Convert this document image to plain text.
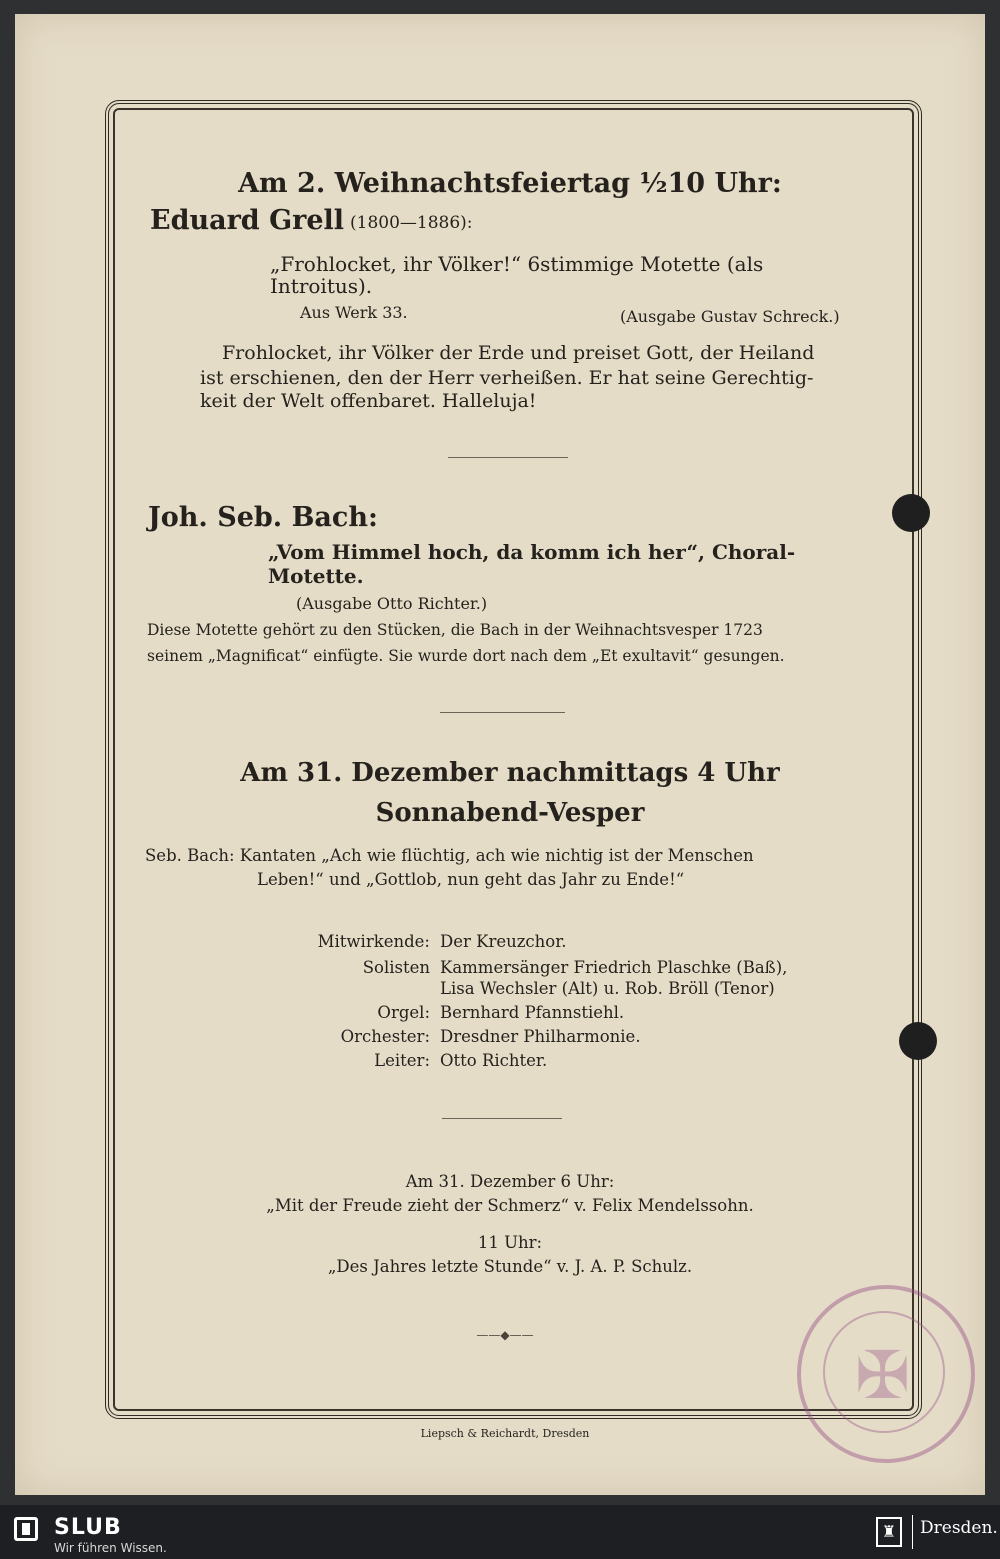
Am 2. Weihnachtsfeiertag ½10 Uhr:
Eduard Grell (1800—1886):
„Frohlocket, ihr Völker!“ 6stimmige Motette (als
Introitus).
Aus Werk 33.	(Ausgabe Gustav Schreck.)
Frohlocket, ihr Völker der Erde und preiset Gott, der Heiland
ist erschienen, den der Herr verheißen. Er hat seine Gerechtig-
keit der Welt offenbaret. Halleluja!
Joh. Seb. Bach:
„Vom Himmel hoch, da komm ich her“, Choral-
Motette.
(Ausgabe Otto Richter.)
Diese Motette gehört zu den Stücken, die Bach in der Weihnachtsvesper 1723
seinem „Magnificat“ einfügte. Sie wurde dort nach dem „Et exultavit“ gesungen.
Am 31. Dezember nachmittags 4 Uhr
Sonnabend-Vesper
Seb. Bach: Kantaten „Ach wie flüchtig, ach wie nichtig ist der Menschen
Leben!“ und „Gottlob, nun geht das Jahr zu Ende!“
Mitwirkende: Der Kreuzchor.
Solisten Kammersänger Friedrich Plaschke (Baß),
Lisa Wechsler (Alt) u. Rob. Bröll (Tenor)
Orgel: Bernhard Pfannstiehl.
Orchester: Dresdner Philharmonie.
Leiter: Otto Richter.
Am 31. Dezember 6 Uhr:
„Mit der Freude zieht der Schmerz“ v. Felix Mendelssohn.
11 Uhr:
„Des Jahres letzte Stunde“ v. J. A. P. Schulz.
——◆——
Liepsch & Reichardt, Dresden
✠
SLUB
Wir führen Wissen.
♜	Dresden.
